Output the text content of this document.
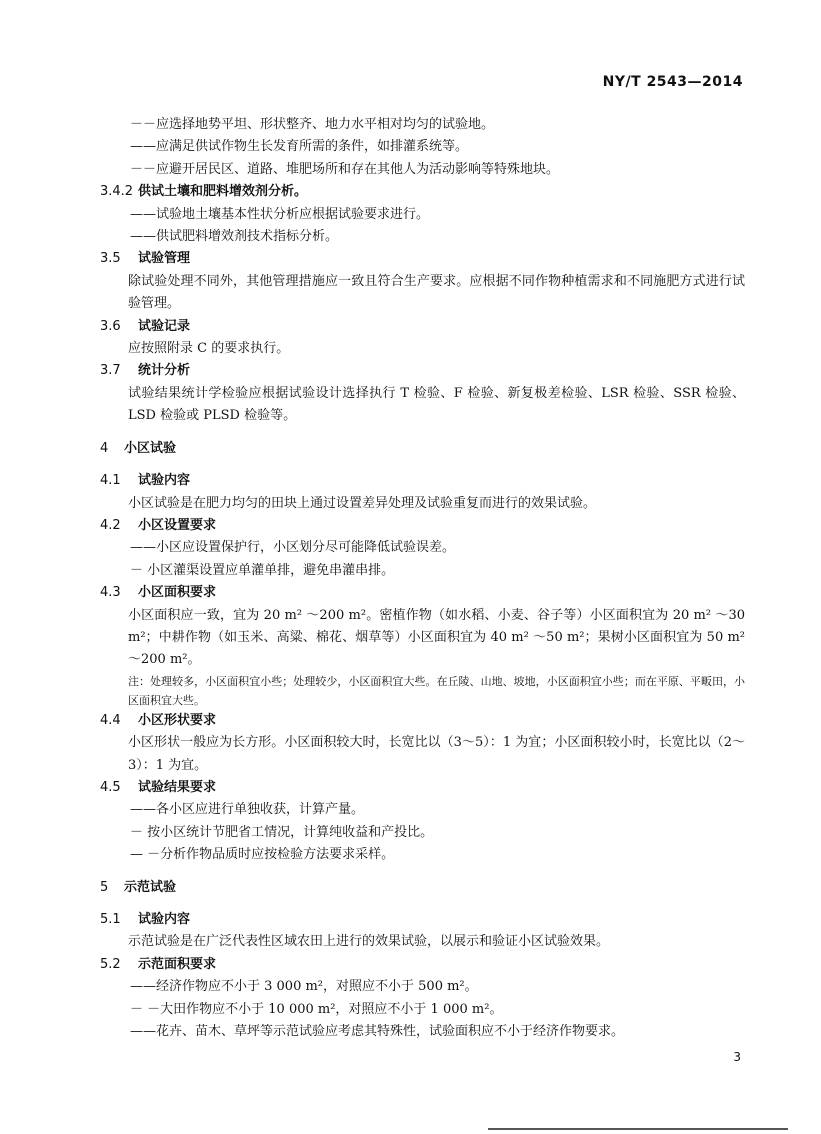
NY/T 2543—2014
－－应选择地势平坦、形状整齐、地力水平相对均匀的试验地。
——应满足供试作物生长发育所需的条件，如排灌系统等。
－－应避开居民区、道路、堆肥场所和存在其他人为活动影响等特殊地块。
3.4.2 供试土壤和肥料增效剂分析。
——试验地土壤基本性状分析应根据试验要求进行。
——供试肥料增效剂技术指标分析。
3.5 试验管理
除试验处理不同外，其他管理措施应一致且符合生产要求。应根据不同作物种植需求和不同施肥方式进行试验管理。
3.6 试验记录
应按照附录 C 的要求执行。
3.7 统计分析
试验结果统计学检验应根据试验设计选择执行 T 检验、F 检验、新复极差检验、LSR 检验、SSR 检验、LSD 检验或 PLSD 检验等。
4 小区试验
4.1 试验内容
小区试验是在肥力均匀的田块上通过设置差异处理及试验重复而进行的效果试验。
4.2 小区设置要求
——小区应设置保护行，小区划分尽可能降低试验误差。
－ 小区灌渠设置应单灌单排，避免串灌串排。
4.3 小区面积要求
小区面积应一致，宜为 20 m² ～200 m²。密植作物（如水稻、小麦、谷子等）小区面积宜为 20 m² ～30 m²；中耕作物（如玉米、高粱、棉花、烟草等）小区面积宜为 40 m² ～50 m²；果树小区面积宜为 50 m² ～200 m²。
注：处理较多，小区面积宜小些；处理较少，小区面积宜大些。在丘陵、山地、坡地，小区面积宜小些；而在平原、平畈田，小区面积宜大些。
4.4 小区形状要求
小区形状一般应为长方形。小区面积较大时，长宽比以（3～5）：1 为宜；小区面积较小时，长宽比以（2～3）：1 为宜。
4.5 试验结果要求
——各小区应进行单独收获，计算产量。
－ 按小区统计节肥省工情况，计算纯收益和产投比。
— －分析作物品质时应按检验方法要求采样。
5 示范试验
5.1 试验内容
示范试验是在广泛代表性区域农田上进行的效果试验，以展示和验证小区试验效果。
5.2 示范面积要求
——经济作物应不小于 3 000 m²，对照应不小于 500 m²。
－ －大田作物应不小于 10 000 m²，对照应不小于 1 000 m²。
——花卉、苗木、草坪等示范试验应考虑其特殊性，试验面积应不小于经济作物要求。
3
